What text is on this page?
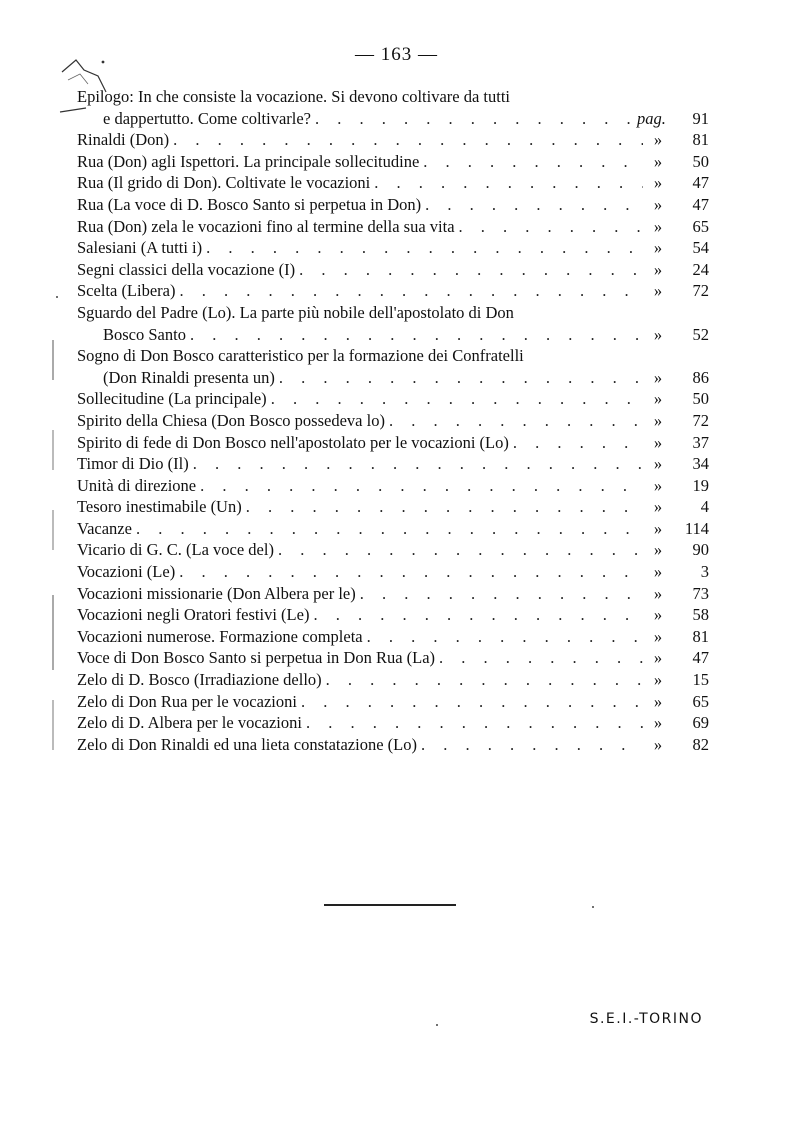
— 163 —
Epilogo: In che consiste la vocazione. Si devono coltivare da tutti
e dappertutto. Come coltivarle? . . .	pag.	91
Rinaldi (Don) . . .	»	81
Rua (Don) agli Ispettori. La principale sollecitudine . . .	»	50
Rua (Il grido di Don). Coltivate le vocazioni . . .	»	47
Rua (La voce di D. Bosco Santo si perpetua in Don) . . .	»	47
Rua (Don) zela le vocazioni fino al termine della sua vita . . .	»	65
Salesiani (A tutti i) . . .	»	54
Segni classici della vocazione (I) . . .	»	24
Scelta (Libera) . . .	»	72
Sguardo del Padre (Lo). La parte più nobile dell'apostolato di Don
Bosco Santo . . .	»	52
Sogno di Don Bosco caratteristico per la formazione dei Confratelli
(Don Rinaldi presenta un) . . .	»	86
Sollecitudine (La principale) . . .	»	50
Spirito della Chiesa (Don Bosco possedeva lo) . . .	»	72
Spirito di fede di Don Bosco nell'apostolato per le vocazioni (Lo) . . .	»	37
Timor di Dio (Il) . . .	»	34
Unità di direzione . . .	»	19
Tesoro inestimabile (Un) . . .	»	4
Vacanze . . .	»	114
Vicario di G. C. (La voce del) . . .	»	90
Vocazioni (Le) . . .	»	3
Vocazioni missionarie (Don Albera per le) . . .	»	73
Vocazioni negli Oratori festivi (Le) . . .	»	58
Vocazioni numerose. Formazione completa . . .	»	81
Voce di Don Bosco Santo si perpetua in Don Rua (La) . . .	»	47
Zelo di D. Bosco (Irradiazione dello) . . .	»	15
Zelo di Don Rua per le vocazioni . . .	»	65
Zelo di D. Albera per le vocazioni . . .	»	69
Zelo di Don Rinaldi ed una lieta constatazione (Lo) . . .	»	82
S.E.I.-TORINO
